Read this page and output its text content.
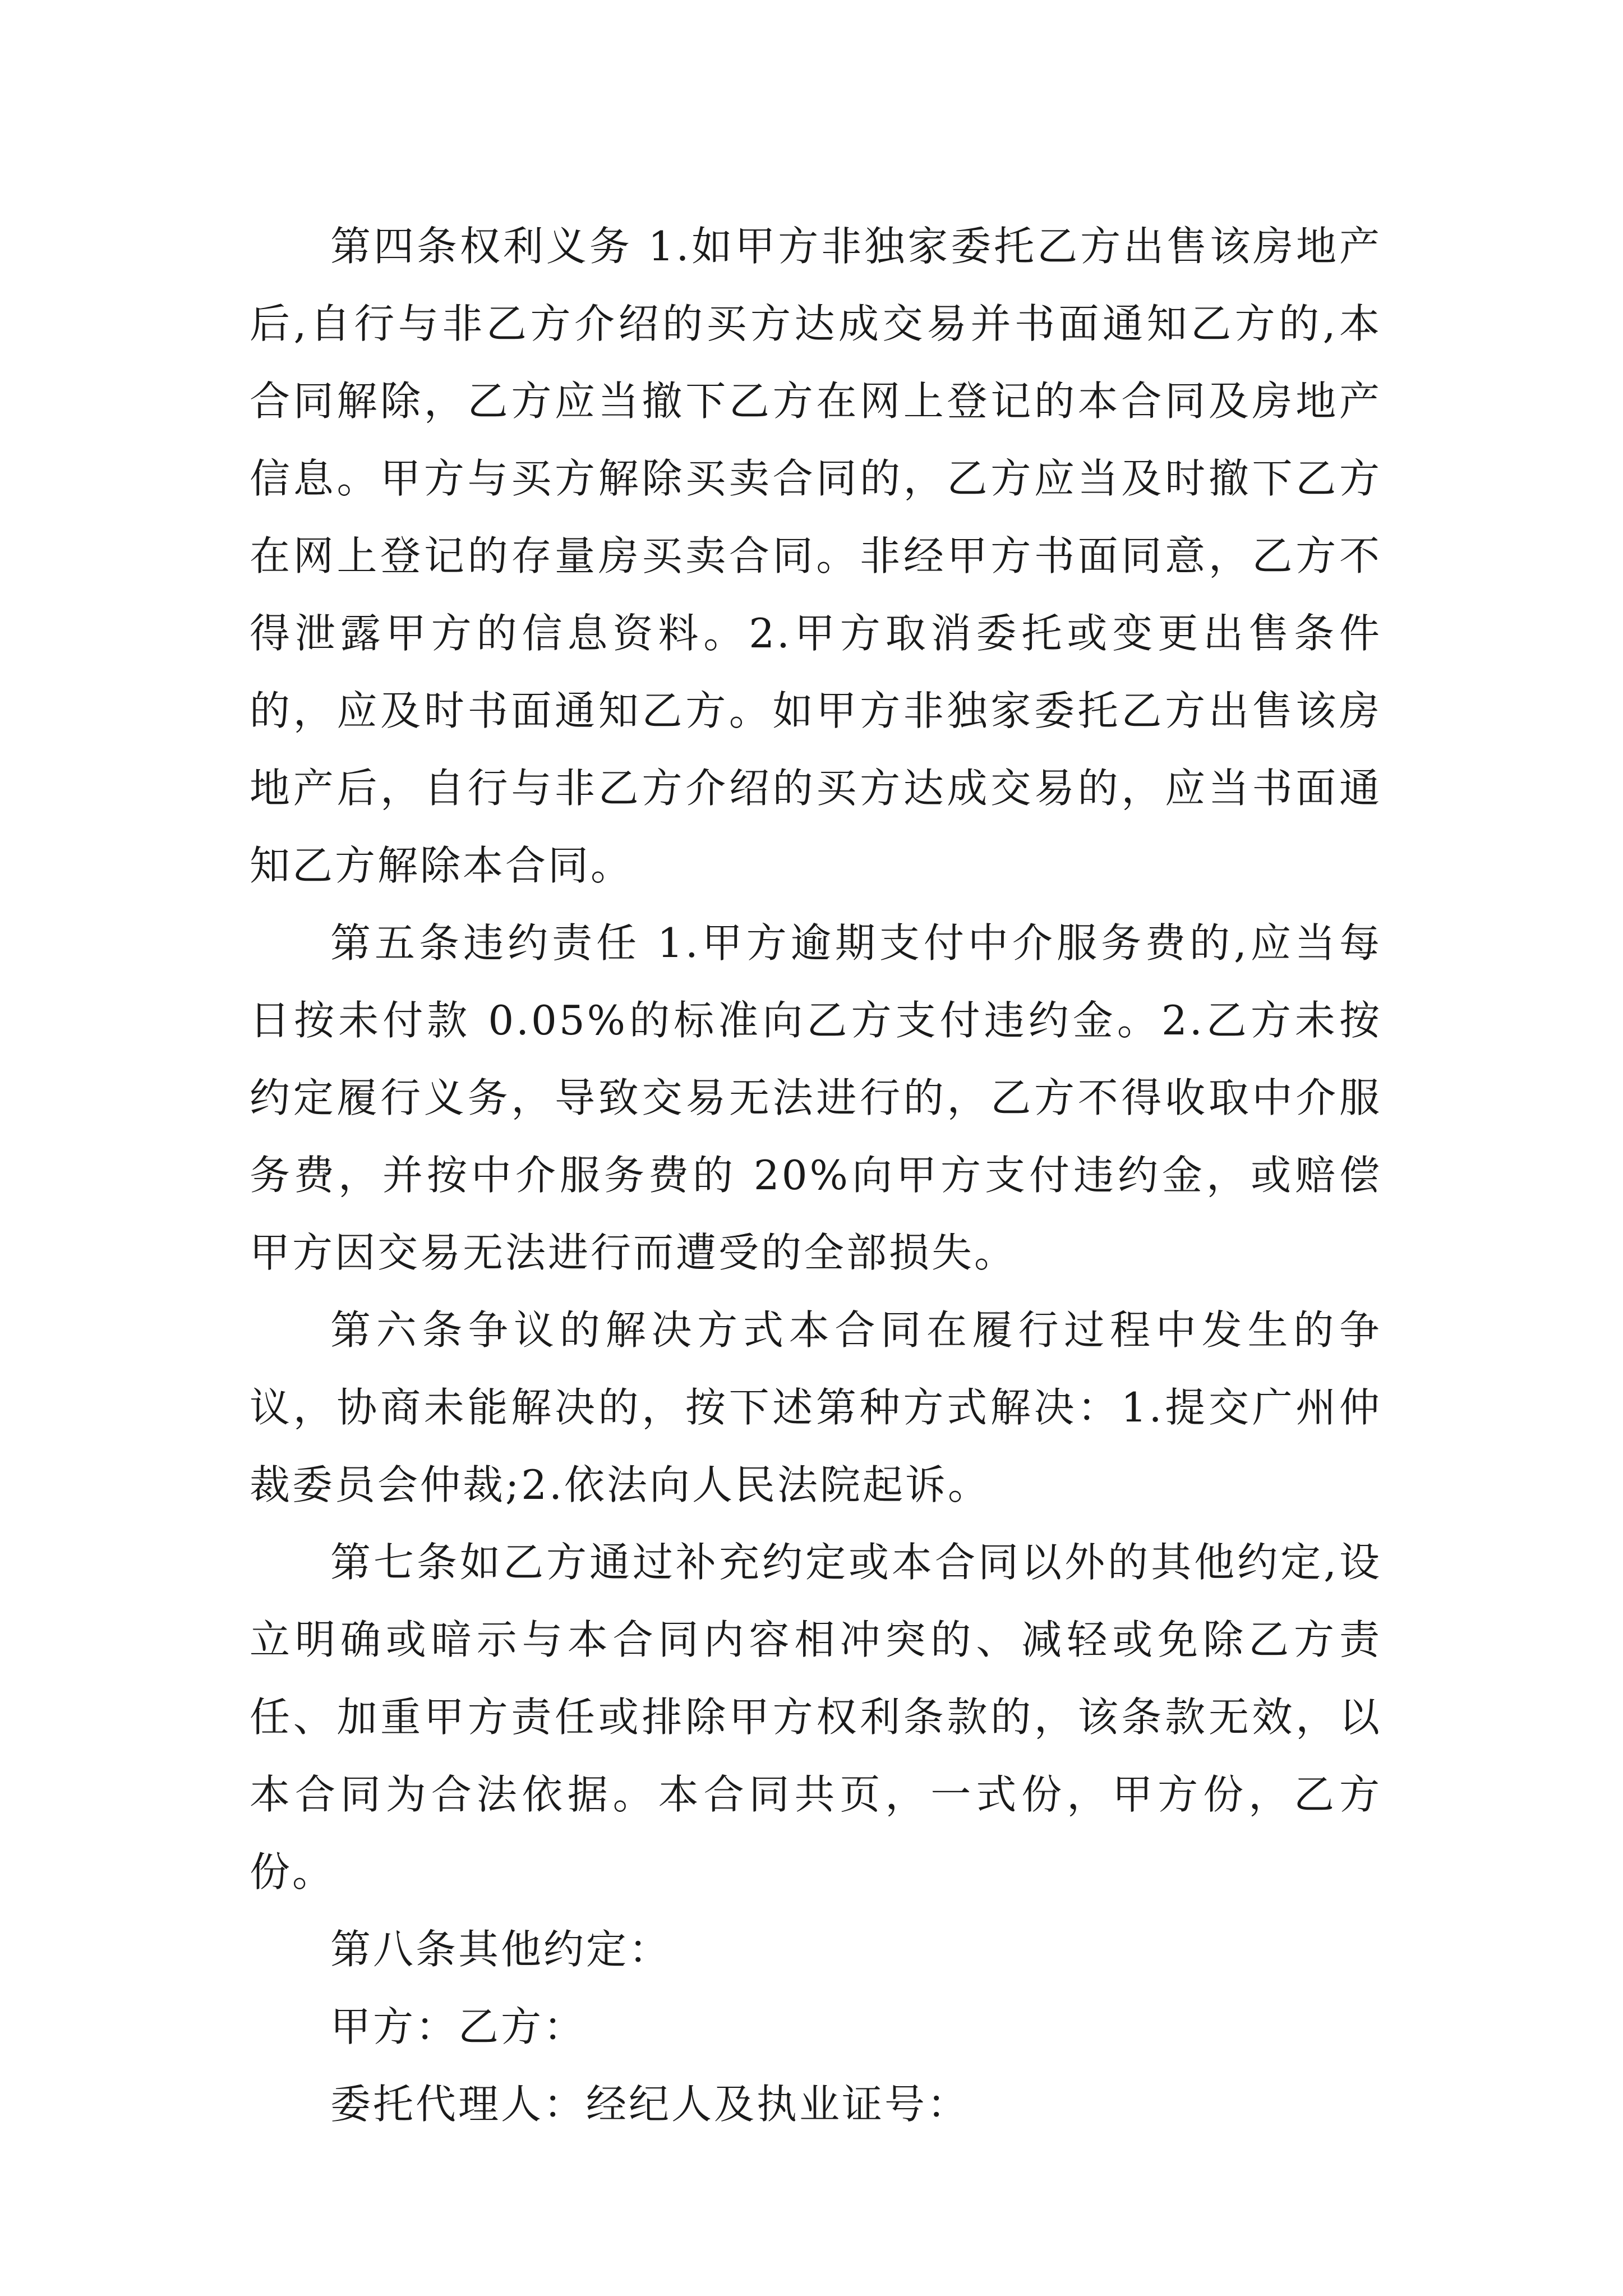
第四条权利义务 1.如甲方非独家委托乙方出售该房地产后,自行与非乙方介绍的买方达成交易并书面通知乙方的,本合同解除，乙方应当撤下乙方在网上登记的本合同及房地产信息。甲方与买方解除买卖合同的，乙方应当及时撤下乙方在网上登记的存量房买卖合同。非经甲方书面同意，乙方不得泄露甲方的信息资料。2.甲方取消委托或变更出售条件的，应及时书面通知乙方。如甲方非独家委托乙方出售该房地产后，自行与非乙方介绍的买方达成交易的，应当书面通知乙方解除本合同。

第五条违约责任 1.甲方逾期支付中介服务费的,应当每日按未付款 0.05%的标准向乙方支付违约金。2.乙方未按约定履行义务，导致交易无法进行的，乙方不得收取中介服务费，并按中介服务费的 20%向甲方支付违约金，或赔偿甲方因交易无法进行而遭受的全部损失。

第六条争议的解决方式本合同在履行过程中发生的争议，协商未能解决的，按下述第种方式解决：1.提交广州仲裁委员会仲裁;2.依法向人民法院起诉。

第七条如乙方通过补充约定或本合同以外的其他约定,设立明确或暗示与本合同内容相冲突的、减轻或免除乙方责任、加重甲方责任或排除甲方权利条款的，该条款无效，以本合同为合法依据。本合同共页，一式份，甲方份，乙方份。

第八条其他约定：

甲方：乙方：

委托代理人：经纪人及执业证号：
